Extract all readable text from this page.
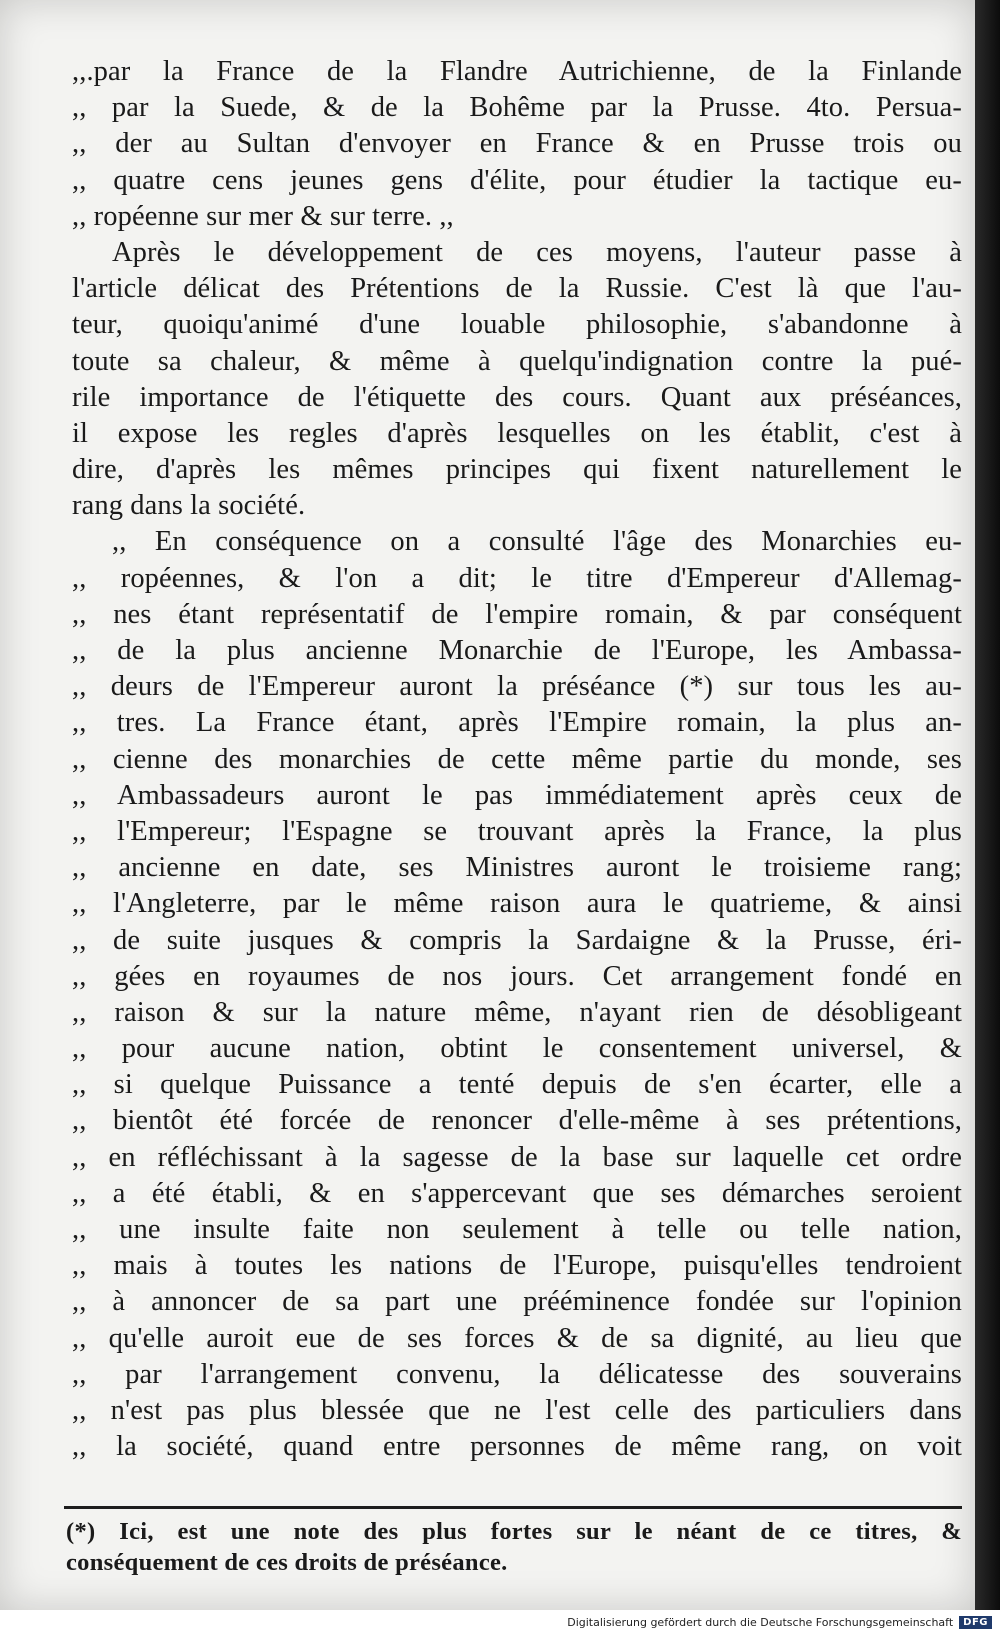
,,.par la France de la Flandre Autrichienne, de la Finlande
,, par la Suede, & de la Bohême par la Prusse. 4to. Persua-
,, der au Sultan d'envoyer en France & en Prusse trois ou
,, quatre cens jeunes gens d'élite, pour étudier la tactique eu-
,, ropéenne sur mer & sur terre. ,,
Après le développement de ces moyens, l'auteur passe à
l'article délicat des Prétentions de la Russie. C'est là que l'au-
teur, quoiqu'animé d'une louable philosophie, s'abandonne à
toute sa chaleur, & même à quelqu'indignation contre la pué-
rile importance de l'étiquette des cours. Quant aux préséances,
il expose les regles d'après lesquelles on les établit, c'est à
dire, d'après les mêmes principes qui fixent naturellement le
rang dans la société.
,, En conséquence on a consulté l'âge des Monarchies eu-
,, ropéennes, & l'on a dit; le titre d'Empereur d'Allemag-
,, nes étant représentatif de l'empire romain, & par conséquent
,, de la plus ancienne Monarchie de l'Europe, les Ambassa-
,, deurs de l'Empereur auront la préséance (*) sur tous les au-
,, tres. La France étant, après l'Empire romain, la plus an-
,, cienne des monarchies de cette même partie du monde, ses
,, Ambassadeurs auront le pas immédiatement après ceux de
,, l'Empereur; l'Espagne se trouvant après la France, la plus
,, ancienne en date, ses Ministres auront le troisieme rang;
,, l'Angleterre, par le même raison aura le quatrieme, & ainsi
,, de suite jusques & compris la Sardaigne & la Prusse, éri-
,, gées en royaumes de nos jours. Cet arrangement fondé en
,, raison & sur la nature même, n'ayant rien de désobligeant
,, pour aucune nation, obtint le consentement universel, &
,, si quelque Puissance a tenté depuis de s'en écarter, elle a
,, bientôt été forcée de renoncer d'elle-même à ses prétentions,
,, en réfléchissant à la sagesse de la base sur laquelle cet ordre
,, a été établi, & en s'appercevant que ses démarches seroient
,, une insulte faite non seulement à telle ou telle nation,
,, mais à toutes les nations de l'Europe, puisqu'elles tendroient
,, à annoncer de sa part une prééminence fondée sur l'opinion
,, qu'elle auroit eue de ses forces & de sa dignité, au lieu que
,, par l'arrangement convenu, la délicatesse des souverains
,, n'est pas plus blessée que ne l'est celle des particuliers dans
,, la société, quand entre personnes de même rang, on voit
(*) Ici, est une note des plus fortes sur le néant de ce titres, &
conséquement de ces droits de préséance.
Digitalisierung gefördert durch die Deutsche Forschungsgemeinschaft	DFG
